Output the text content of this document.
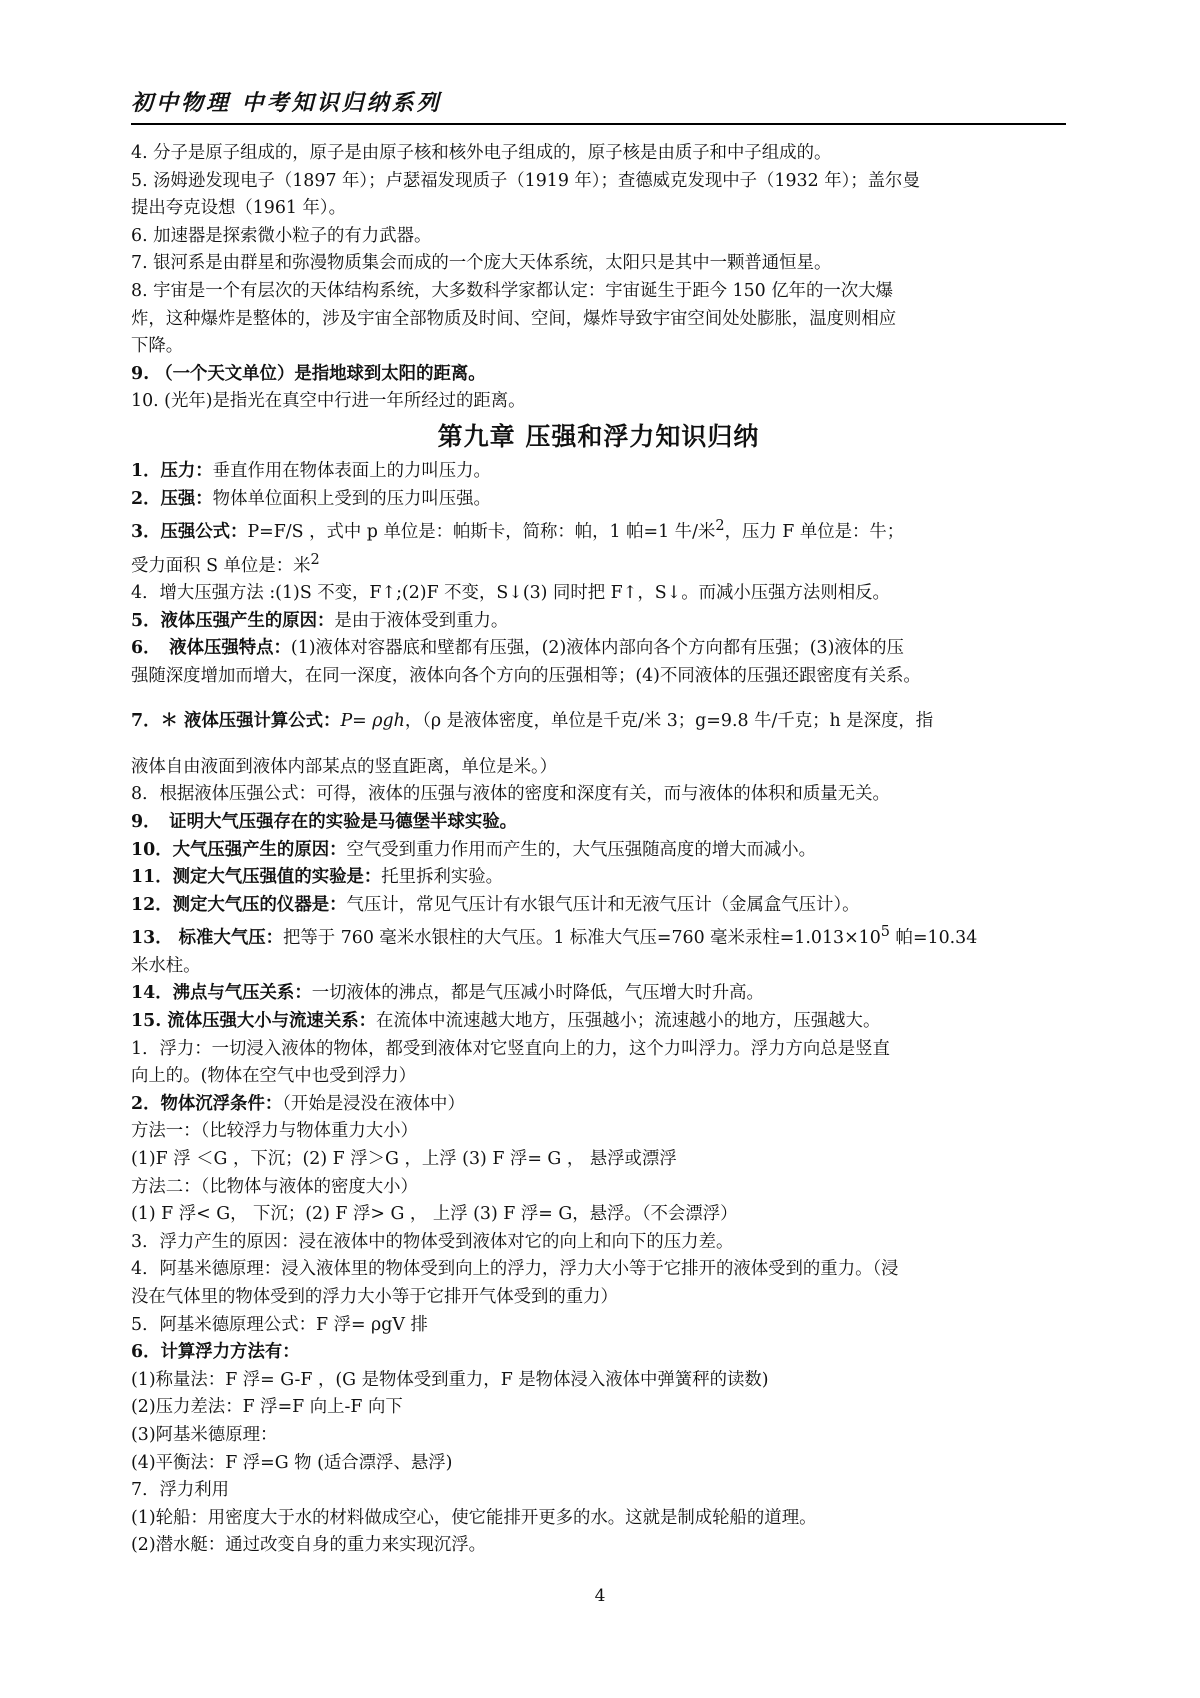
初中物理 中考知识归纳系列

4. 分子是原子组成的，原子是由原子核和核外电子组成的，原子核是由质子和中子组成的。

5. 汤姆逊发现电子（1897 年）；卢瑟福发现质子（1919 年）；查德威克发现中子（1932 年）；盖尔曼

提出夸克设想（1961 年）。

6. 加速器是探索微小粒子的有力武器。

7. 银河系是由群星和弥漫物质集会而成的一个庞大天体系统，太阳只是其中一颗普通恒星。

8. 宇宙是一个有层次的天体结构系统，大多数科学家都认定：宇宙诞生于距今 150 亿年的一次大爆

炸，这种爆炸是整体的，涉及宇宙全部物质及时间、空间，爆炸导致宇宙空间处处膨胀，温度则相应

下降。

9. （一个天文单位）是指地球到太阳的距离。

10. (光年)是指光在真空中行进一年所经过的距离。

第九章 压强和浮力知识归纳

1．压力：垂直作用在物体表面上的力叫压力。

2．压强：物体单位面积上受到的压力叫压强。

3．压强公式：P=F/S ，式中 p 单位是：帕斯卡，简称：帕，1 帕=1 牛/米$^2$，压力 F 单位是：牛；

受力面积 S 单位是：米$^2$

4．增大压强方法 :(1)S 不变，F↑;(2)F 不变，S↓(3) 同时把 F↑，S↓。而减小压强方法则相反。

5．液体压强产生的原因：是由于液体受到重力。

6．　液体压强特点：(1)液体对容器底和壁都有压强，(2)液体内部向各个方向都有压强；(3)液体的压

强随深度增加而增大，在同一深度，液体向各个方向的压强相等；(4)不同液体的压强还跟密度有关系。

7．＊ 液体压强计算公式：P= ρgh，（ρ 是液体密度，单位是千克/米 3；g=9.8 牛/千克；h 是深度，指

液体自由液面到液体内部某点的竖直距离，单位是米。）

8．根据液体压强公式：可得，液体的压强与液体的密度和深度有关，而与液体的体积和质量无关。

9．　证明大气压强存在的实验是马德堡半球实验。

10．大气压强产生的原因：空气受到重力作用而产生的，大气压强随高度的增大而减小。

11．测定大气压强值的实验是：托里拆利实验。

12．测定大气压的仪器是：气压计，常见气压计有水银气压计和无液气压计（金属盒气压计）。

13． 标准大气压：把等于 760 毫米水银柱的大气压。1 标准大气压=760 毫米汞柱$=1.013\times 10^5$ 帕=10.34

米水柱。

14．沸点与气压关系：一切液体的沸点，都是气压减小时降低，气压增大时升高。

15. 流体压强大小与流速关系：在流体中流速越大地方，压强越小；流速越小的地方，压强越大。

1．浮力：一切浸入液体的物体，都受到液体对它竖直向上的力，这个力叫浮力。浮力方向总是竖直

向上的。(物体在空气中也受到浮力）

2．物体沉浮条件：（开始是浸没在液体中）

方法一：（比较浮力与物体重力大小）

(1)F 浮 ＜G ，下沉；(2) F 浮＞G ，上浮 (3) F 浮= G ， 悬浮或漂浮

方法二：（比物体与液体的密度大小）

(1) F 浮< G， 下沉；(2) F 浮> G ， 上浮 (3) F 浮= G，悬浮。（不会漂浮）

3．浮力产生的原因：浸在液体中的物体受到液体对它的向上和向下的压力差。

4．阿基米德原理：浸入液体里的物体受到向上的浮力，浮力大小等于它排开的液体受到的重力。（浸

没在气体里的物体受到的浮力大小等于它排开气体受到的重力）

5．阿基米德原理公式：F 浮= ρgV 排

6．计算浮力方法有：

(1)称量法：F 浮= G-F ，(G 是物体受到重力，F 是物体浸入液体中弹簧秤的读数)

(2)压力差法：F 浮=F 向上-F 向下

(3)阿基米德原理：

(4)平衡法：F 浮=G 物 (适合漂浮、悬浮)

7．浮力利用

(1)轮船：用密度大于水的材料做成空心，使它能排开更多的水。这就是制成轮船的道理。

(2)潜水艇：通过改变自身的重力来实现沉浮。

4
